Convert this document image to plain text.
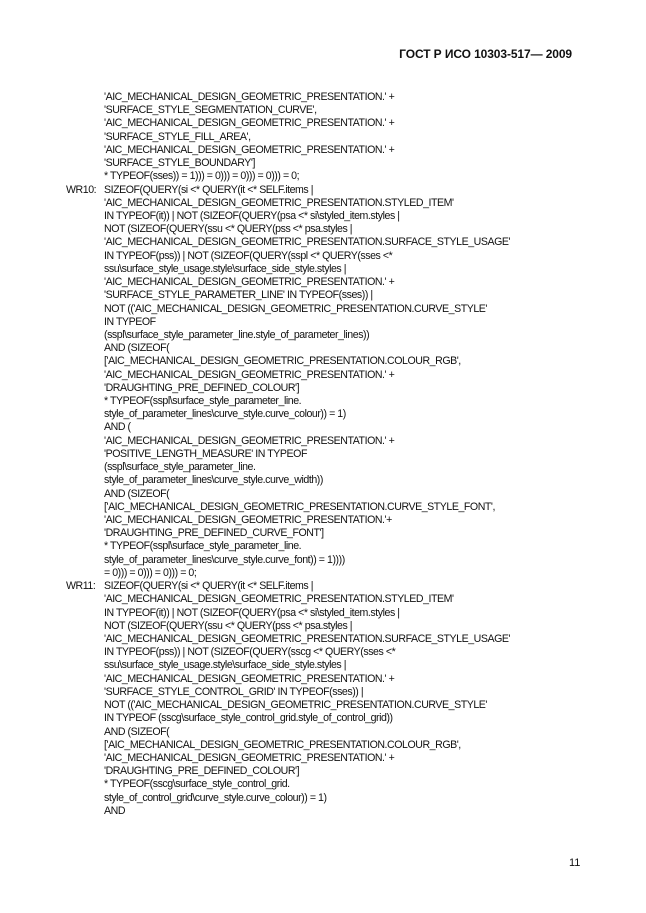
ГОСТ Р ИСО 10303-517— 2009
'AIC_MECHANICAL_DESIGN_GEOMETRIC_PRESENTATION.' +
'SURFACE_STYLE_SEGMENTATION_CURVE',
'AIC_MECHANICAL_DESIGN_GEOMETRIC_PRESENTATION.' +
'SURFACE_STYLE_FILL_AREA',
'AIC_MECHANICAL_DESIGN_GEOMETRIC_PRESENTATION.' +
'SURFACE_STYLE_BOUNDARY']
* TYPEOF(sses)) = 1))) = 0))) = 0))) = 0))) = 0;
WR10: SIZEOF(QUERY(si <* QUERY(it <* SELF.items |
'AIC_MECHANICAL_DESIGN_GEOMETRIC_PRESENTATION.STYLED_ITEM'
IN TYPEOF(it)) | NOT (SIZEOF(QUERY(psa <* si\styled_item.styles |
NOT (SIZEOF(QUERY(ssu <* QUERY(pss <* psa.styles |
'AIC_MECHANICAL_DESIGN_GEOMETRIC_PRESENTATION.SURFACE_STYLE_USAGE'
IN TYPEOF(pss)) | NOT (SIZEOF(QUERY(sspl <* QUERY(sses <*
ssu\surface_style_usage.style\surface_side_style.styles |
'AIC_MECHANICAL_DESIGN_GEOMETRIC_PRESENTATION.' +
'SURFACE_STYLE_PARAMETER_LINE' IN TYPEOF(sses)) |
NOT (('AIC_MECHANICAL_DESIGN_GEOMETRIC_PRESENTATION.CURVE_STYLE'
IN TYPEOF
(sspl\surface_style_parameter_line.style_of_parameter_lines))
AND (SIZEOF(
['AIC_MECHANICAL_DESIGN_GEOMETRIC_PRESENTATION.COLOUR_RGB',
'AIC_MECHANICAL_DESIGN_GEOMETRIC_PRESENTATION.' +
'DRAUGHTING_PRE_DEFINED_COLOUR']
* TYPEOF(sspl\surface_style_parameter_line.
style_of_parameter_lines\curve_style.curve_colour)) = 1)
AND (
'AIC_MECHANICAL_DESIGN_GEOMETRIC_PRESENTATION.' +
'POSITIVE_LENGTH_MEASURE' IN TYPEOF
(sspl\surface_style_parameter_line.
style_of_parameter_lines\curve_style.curve_width))
AND (SIZEOF(
['AIC_MECHANICAL_DESIGN_GEOMETRIC_PRESENTATION.CURVE_STYLE_FONT',
'AIC_MECHANICAL_DESIGN_GEOMETRIC_PRESENTATION.'+
'DRAUGHTING_PRE_DEFINED_CURVE_FONT']
* TYPEOF(sspl\surface_style_parameter_line.
style_of_parameter_lines\curve_style.curve_font)) = 1))))
= 0))) = 0))) = 0))) = 0;
WR11: SIZEOF(QUERY(si <* QUERY(it <* SELF.items |
'AIC_MECHANICAL_DESIGN_GEOMETRIC_PRESENTATION.STYLED_ITEM'
IN TYPEOF(it)) | NOT (SIZEOF(QUERY(psa <* si\styled_item.styles |
NOT (SIZEOF(QUERY(ssu <* QUERY(pss <* psa.styles |
'AIC_MECHANICAL_DESIGN_GEOMETRIC_PRESENTATION.SURFACE_STYLE_USAGE'
IN TYPEOF(pss)) | NOT (SIZEOF(QUERY(sscg <* QUERY(sses <*
ssu\surface_style_usage.style\surface_side_style.styles |
'AIC_MECHANICAL_DESIGN_GEOMETRIC_PRESENTATION.' +
'SURFACE_STYLE_CONTROL_GRID' IN TYPEOF(sses)) |
NOT (('AIC_MECHANICAL_DESIGN_GEOMETRIC_PRESENTATION.CURVE_STYLE'
IN TYPEOF (sscg\surface_style_control_grid.style_of_control_grid))
AND (SIZEOF(
['AIC_MECHANICAL_DESIGN_GEOMETRIC_PRESENTATION.COLOUR_RGB',
'AIC_MECHANICAL_DESIGN_GEOMETRIC_PRESENTATION.' +
'DRAUGHTING_PRE_DEFINED_COLOUR']
* TYPEOF(sscg\surface_style_control_grid.
style_of_control_grid\curve_style.curve_colour)) = 1)
AND
11
